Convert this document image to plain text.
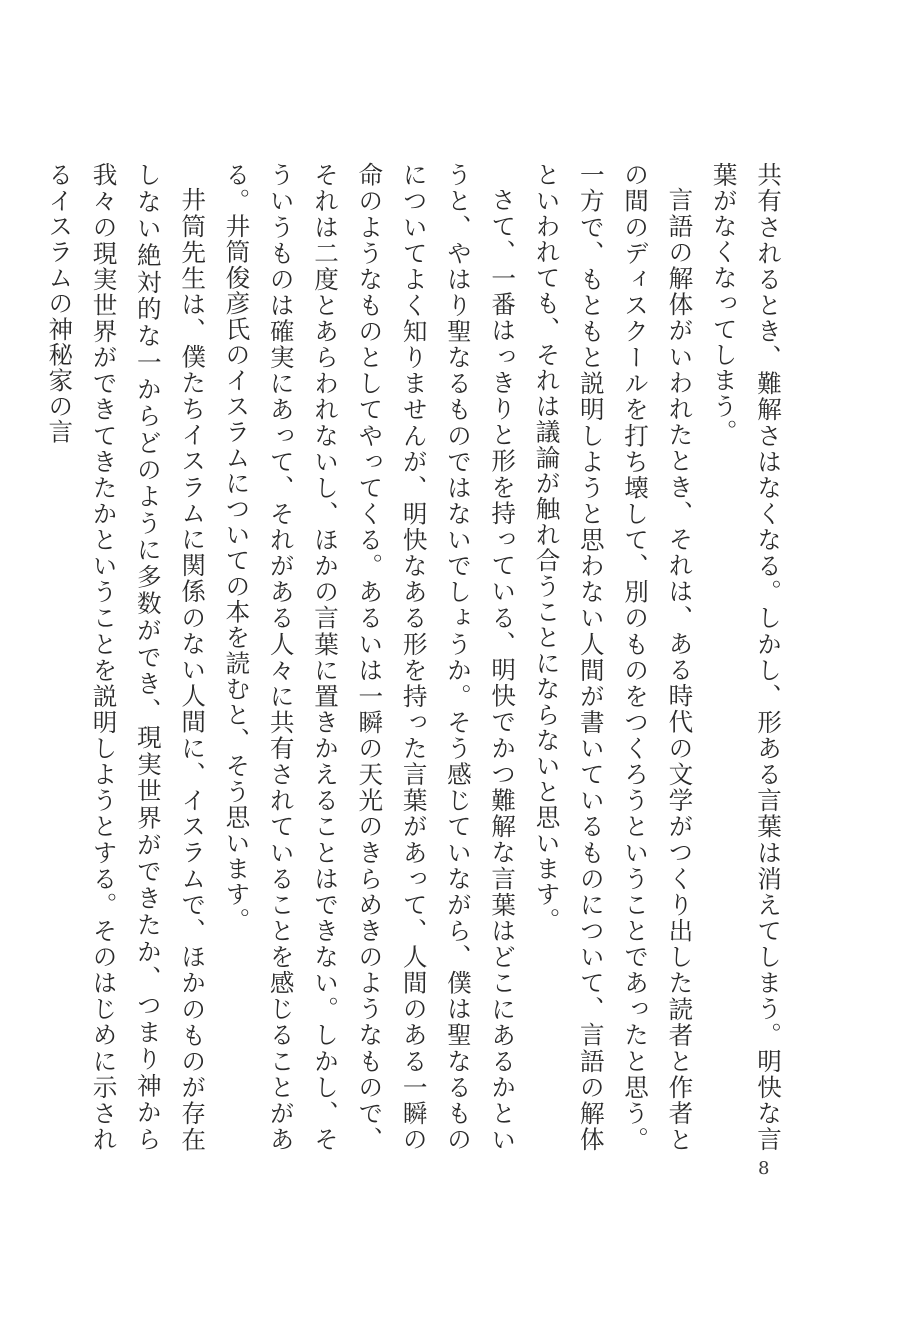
共有されるとき、難解さはなくなる。しかし、形ある言葉は消えてしまう。明快な言葉がなくなってしまう。

言語の解体がいわれたとき、それは、ある時代の文学がつくり出した読者と作者との間のディスクールを打ち壊して、別のものをつくろうということであったと思う。一方で、もともと説明しようと思わない人間が書いているものについて、言語の解体といわれても、それは議論が触れ合うことにならないと思います。

さて、一番はっきりと形を持っている、明快でかつ難解な言葉はどこにあるかというと、やはり聖なるものではないでしょうか。そう感じていながら、僕は聖なるものについてよく知りませんが、明快なある形を持った言葉があって、人間のある一瞬の命のようなものとしてやってくる。あるいは一瞬の天光のきらめきのようなもので、それは二度とあらわれないし、ほかの言葉に置きかえることはできない。しかし、そういうものは確実にあって、それがある人々に共有されていることを感じることがある。井筒俊彦氏のイスラムについての本を読むと、そう思います。

井筒先生は、僕たちイスラムに関係のない人間に、イスラムで、ほかのものが存在しない絶対的な一からどのように多数ができ、現実世界ができたか、つまり神から我々の現実世界ができてきたかということを説明しようとする。そのはじめに示されるイスラムの神秘家の言

8
